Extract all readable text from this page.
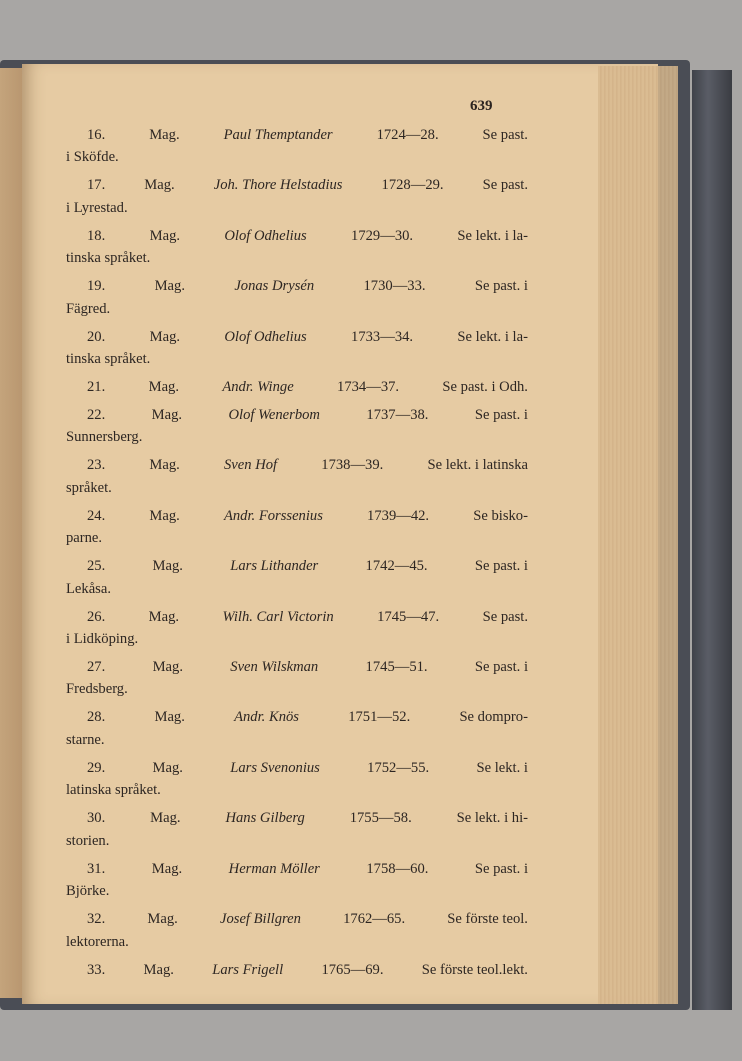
639
16.	Mag.	Paul Themptander	1724—28.	Se past.
i Sköfde.
17.	Mag.	Joh. Thore Helstadius	1728—29.	Se past.
i Lyrestad.
18.	Mag.	Olof Odhelius	1729—30.	Se lekt. i la-
tinska språket.
19.	Mag.	Jonas Drysén	1730—33.	Se past. i
Fägred.
20.	Mag.	Olof Odhelius	1733—34.	Se lekt. i la-
tinska språket.
21.	Mag.	Andr. Winge	1734—37.	Se past. i Odh.
22.	Mag.	Olof Wenerbom	1737—38.	Se past. i
Sunnersberg.
23.	Mag.	Sven Hof	1738—39.	Se lekt. i latinska
språket.
24.	Mag.	Andr. Forssenius	1739—42.	Se bisko-
parne.
25.	Mag.	Lars Lithander	1742—45.	Se past. i
Lekåsa.
26.	Mag.	Wilh. Carl Victorin	1745—47.	Se past.
i Lidköping.
27.	Mag.	Sven Wilskman	1745—51.	Se past. i
Fredsberg.
28.	Mag.	Andr. Knös	1751—52.	Se dompro-
starne.
29.	Mag.	Lars Svenonius	1752—55.	Se lekt. i
latinska språket.
30.	Mag.	Hans Gilberg	1755—58.	Se lekt. i hi-
storien.
31.	Mag.	Herman Möller	1758—60.	Se past. i
Björke.
32.	Mag.	Josef Billgren	1762—65.	Se förste teol.
lektorerna.
33.	Mag.	Lars Frigell	1765—69.	Se förste teol.lekt.
